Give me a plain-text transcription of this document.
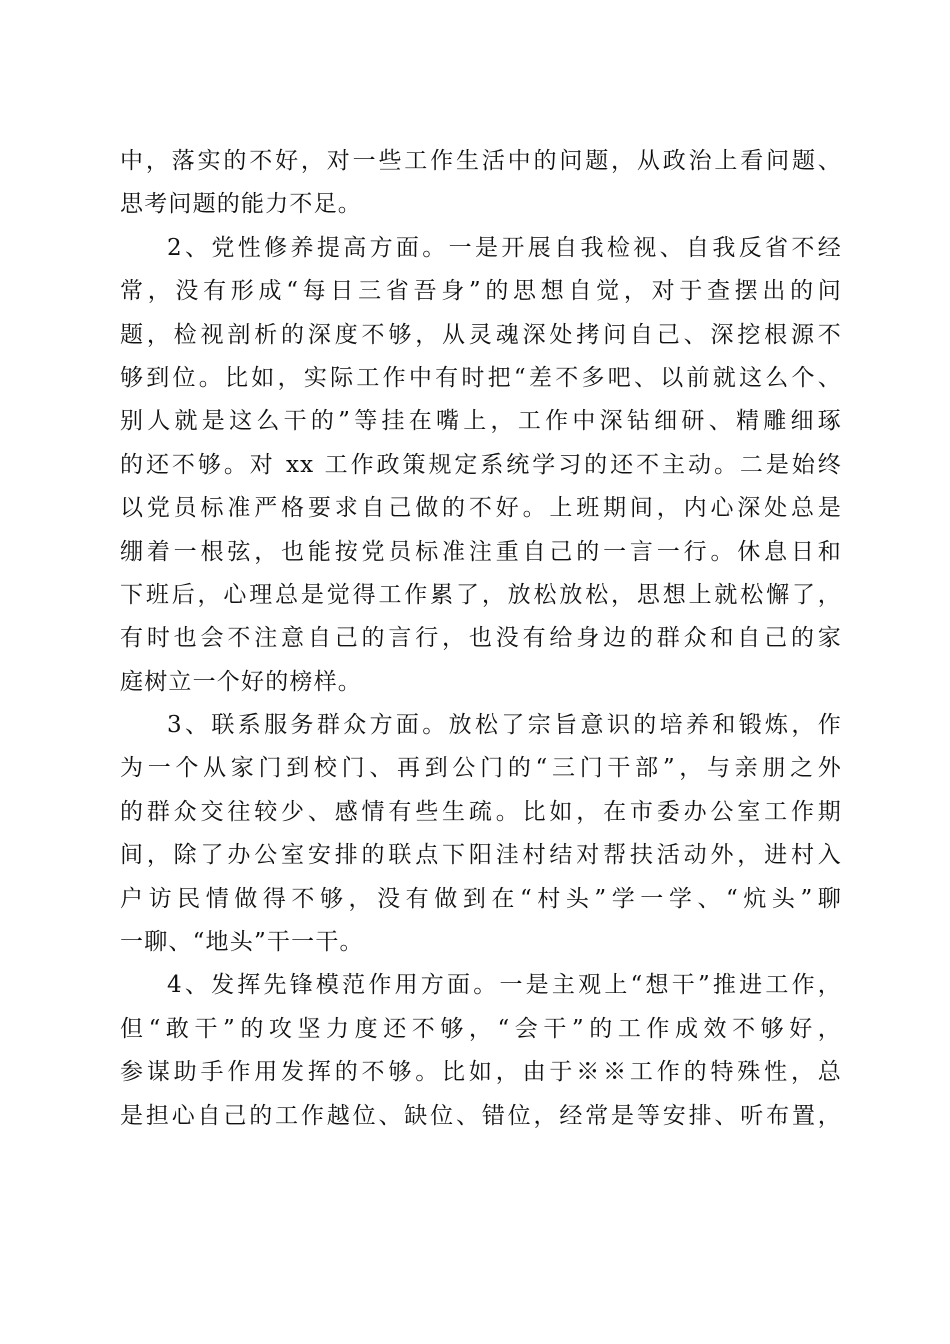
中，落实的不好，对一些工作生活中的问题，从政治上看问题、
思考问题的能力不足。
2、党性修养提高方面。一是开展自我检视、自我反省不经
常，没有形成“每日三省吾身”的思想自觉，对于查摆出的问
题，检视剖析的深度不够，从灵魂深处拷问自己、深挖根源不
够到位。比如，实际工作中有时把“差不多吧、以前就这么个、
别人就是这么干的”等挂在嘴上，工作中深钻细研、精雕细琢
的还不够。对 xx 工作政策规定系统学习的还不主动。二是始终
以党员标准严格要求自己做的不好。上班期间，内心深处总是
绷着一根弦，也能按党员标准注重自己的一言一行。休息日和
下班后，心理总是觉得工作累了，放松放松，思想上就松懈了，
有时也会不注意自己的言行，也没有给身边的群众和自己的家
庭树立一个好的榜样。
3、联系服务群众方面。放松了宗旨意识的培养和锻炼，作
为一个从家门到校门、再到公门的“三门干部”，与亲朋之外
的群众交往较少、感情有些生疏。比如，在市委办公室工作期
间，除了办公室安排的联点下阳洼村结对帮扶活动外，进村入
户访民情做得不够，没有做到在“村头”学一学、“炕头”聊
一聊、“地头”干一干。
4、发挥先锋模范作用方面。一是主观上“想干”推进工作，
但“敢干”的攻坚力度还不够，“会干”的工作成效不够好，
参谋助手作用发挥的不够。比如，由于※※工作的特殊性，总
是担心自己的工作越位、缺位、错位，经常是等安排、听布置，
